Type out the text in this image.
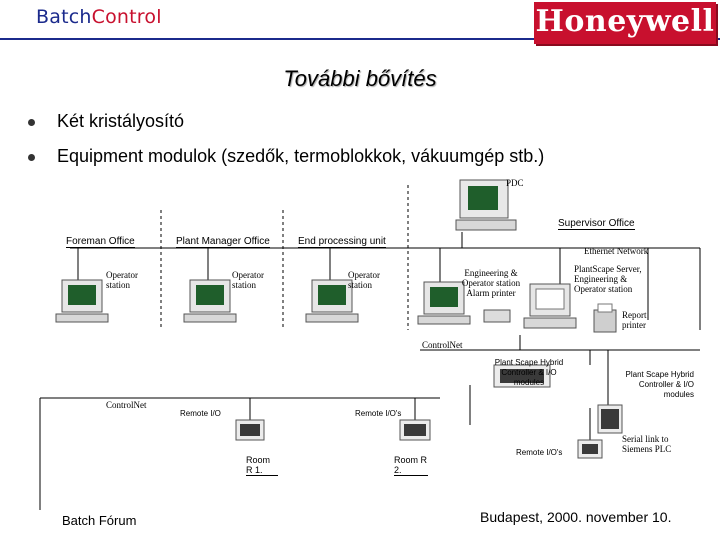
BatchControl	Honeywell
További bővítés
Két kristályosító
Equipment modulok (szedők, termoblokkok, vákuumgép stb.)
PDC
Supervisor Office
Foreman Office	Plant Manager Office	End processing unit
Ethernet Network
Operator station
Operator station
Operator station
Engineering & Operator station Alarm printer
PlantScape Server, Engineering & Operator station
Report printer
ControlNet
Plant Scape Hybrid Controller & I/O modules
Plant Scape Hybrid Controller & I/O modules
ControlNet
Remote I/O	Remote I/O's
Remote I/O's
Serial link to Siemens PLC
Room R 1.
Room R 2.
Batch Fórum	Budapest, 2000. november 10.
